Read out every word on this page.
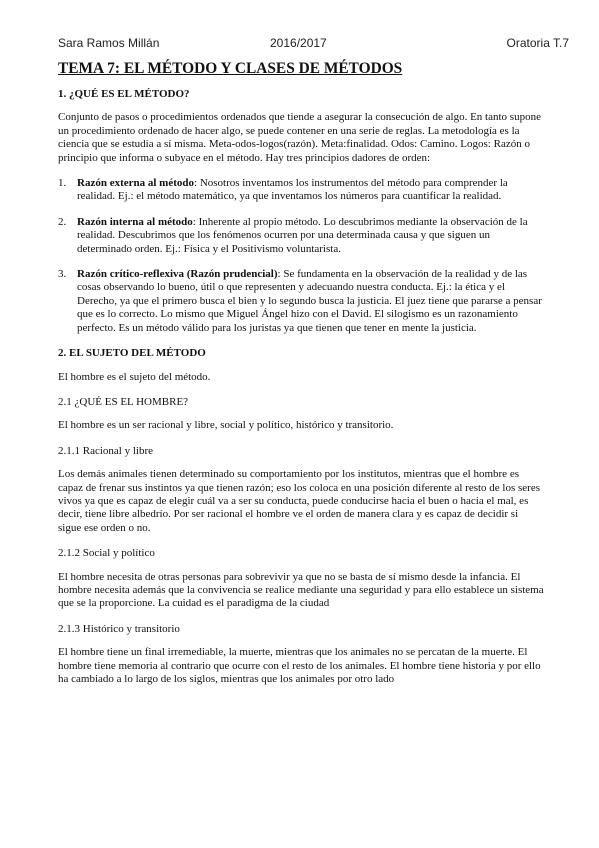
Sara Ramos Millán	2016/2017	Oratoria T.7
TEMA 7: EL MÉTODO Y CLASES DE MÉTODOS
1. ¿QUÉ ES EL MÉTODO?

Conjunto de pasos o procedimientos ordenados que tiende a asegurar la consecución de algo. En tanto supone un procedimiento ordenado de hacer algo, se puede contener en una serie de reglas. La metodología es la ciencia que se estudia a sí misma. Meta-odos-logos(razón). Meta:finalidad. Odos: Camino. Logos: Razón o principio que informa o subyace en el método. Hay tres principios dadores de orden:

1. Razón externa al método: Nosotros inventamos los instrumentos del método para comprender la realidad. Ej.: el método matemático, ya que inventamos los números para cuantificar la realidad.
2. Razón interna al método: Inherente al propio método. Lo descubrimos mediante la observación de la realidad. Descubrimos que los fenómenos ocurren por una determinada causa y que siguen un determinado orden. Ej.: Física y el Positivismo voluntarista.
3. Razón crítico-reflexiva (Razón prudencial): Se fundamenta en la observación de la realidad y de las cosas observando lo bueno, útil o que representen y adecuando nuestra conducta. Ej.: la ética y el Derecho, ya que el primero busca el bien y lo segundo busca la justicia. El juez tiene que pararse a pensar que es lo correcto. Lo mismo que Miguel Ángel hizo con el David. El silogismo es un razonamiento perfecto. Es un método válido para los juristas ya que tienen que tener en mente la justicia.
2. EL SUJETO DEL MÉTODO

El hombre es el sujeto del método.

2.1 ¿QUÉ ES EL HOMBRE?

El hombre es un ser racional y libre, social y político, histórico y transitorio.

2.1.1 Racional y libre

Los demás animales tienen determinado su comportamiento por los institutos, mientras que el hombre es capaz de frenar sus instintos ya que tienen razón; eso los coloca en una posición diferente al resto de los seres vivos ya que es capaz de elegir cuál va a ser su conducta, puede conducirse hacia el buen o hacia el mal, es decir, tiene libre albedrío. Por ser racional el hombre ve el orden de manera clara y es capaz de decidir si sigue ese orden o no.

2.1.2 Social y político

El hombre necesita de otras personas para sobrevivir ya que no se basta de sí mismo desde la infancia. El hombre necesita además que la convivencia se realice mediante una seguridad y para ello establece un sistema que se la proporcione. La cuidad es el paradigma de la ciudad

2.1.3 Histórico y transitorio

El hombre tiene un final irremediable, la muerte, mientras que los animales no se percatan de la muerte. El hombre tiene memoria al contrario que ocurre con el resto de los animales. El hombre tiene historia y por ello ha cambiado a lo largo de los siglos, mientras que los animales por otro lado
